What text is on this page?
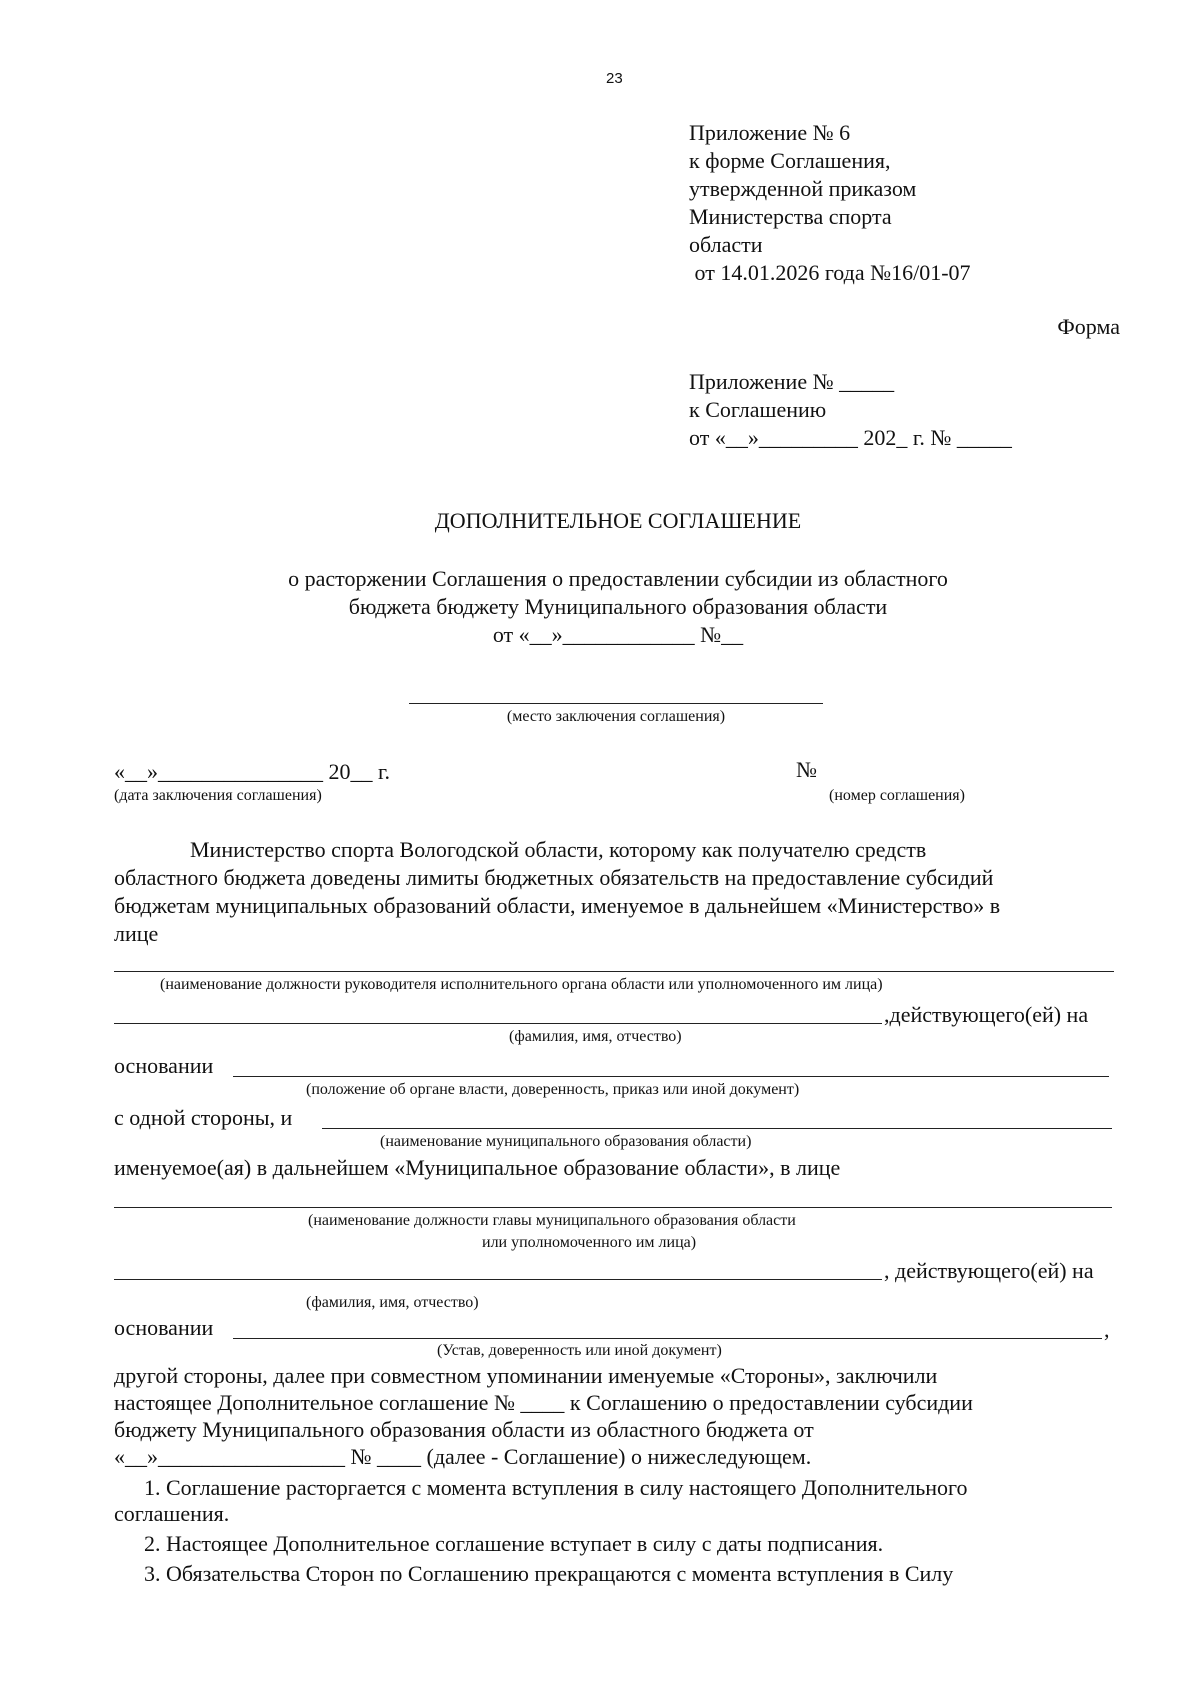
23
Приложение № 6
к форме Соглашения,
утвержденной приказом
Министерства спорта
области
от 14.01.2026 года №16/01-07
Форма
Приложение № _____
к Соглашению
от «__»_________ 202_ г. № _____
ДОПОЛНИТЕЛЬНОЕ СОГЛАШЕНИЕ
о расторжении Соглашения о предоставлении субсидии из областного
бюджета бюджету Муниципального образования области
от «__»____________ №__
(место заключения соглашения)
«__»_______________ 20__ г.
(дата заключения соглашения)
№
(номер соглашения)
Министерство спорта Вологодской области, которому как получателю средств
областного бюджета доведены лимиты бюджетных обязательств на предоставление субсидий
бюджетам муниципальных образований области, именуемое в дальнейшем «Министерство» в
лице
(наименование должности руководителя исполнительного органа области или уполномоченного им лица)
,действующего(ей) на
(фамилия, имя, отчество)
основании
(положение об органе власти, доверенность, приказ или иной документ)
с одной стороны, и
(наименование муниципального образования области)
именуемое(ая) в дальнейшем «Муниципальное образование области», в лице
(наименование должности главы муниципального образования области
или уполномоченного им лица)
, действующего(ей) на
(фамилия, имя, отчество)
основании	,
(Устав, доверенность или иной документ)
другой стороны, далее при совместном упоминании именуемые «Стороны», заключили
настоящее Дополнительное соглашение № ____ к Соглашению о предоставлении субсидии
бюджету Муниципального образования области из областного бюджета от
«__»_________________ № ____ (далее - Соглашение) о нижеследующем.
1. Соглашение расторгается с момента вступления в силу настоящего Дополнительного
соглашения.
2. Настоящее Дополнительное соглашение вступает в силу с даты подписания.
3. Обязательства Сторон по Соглашению прекращаются с момента вступления в Силу
